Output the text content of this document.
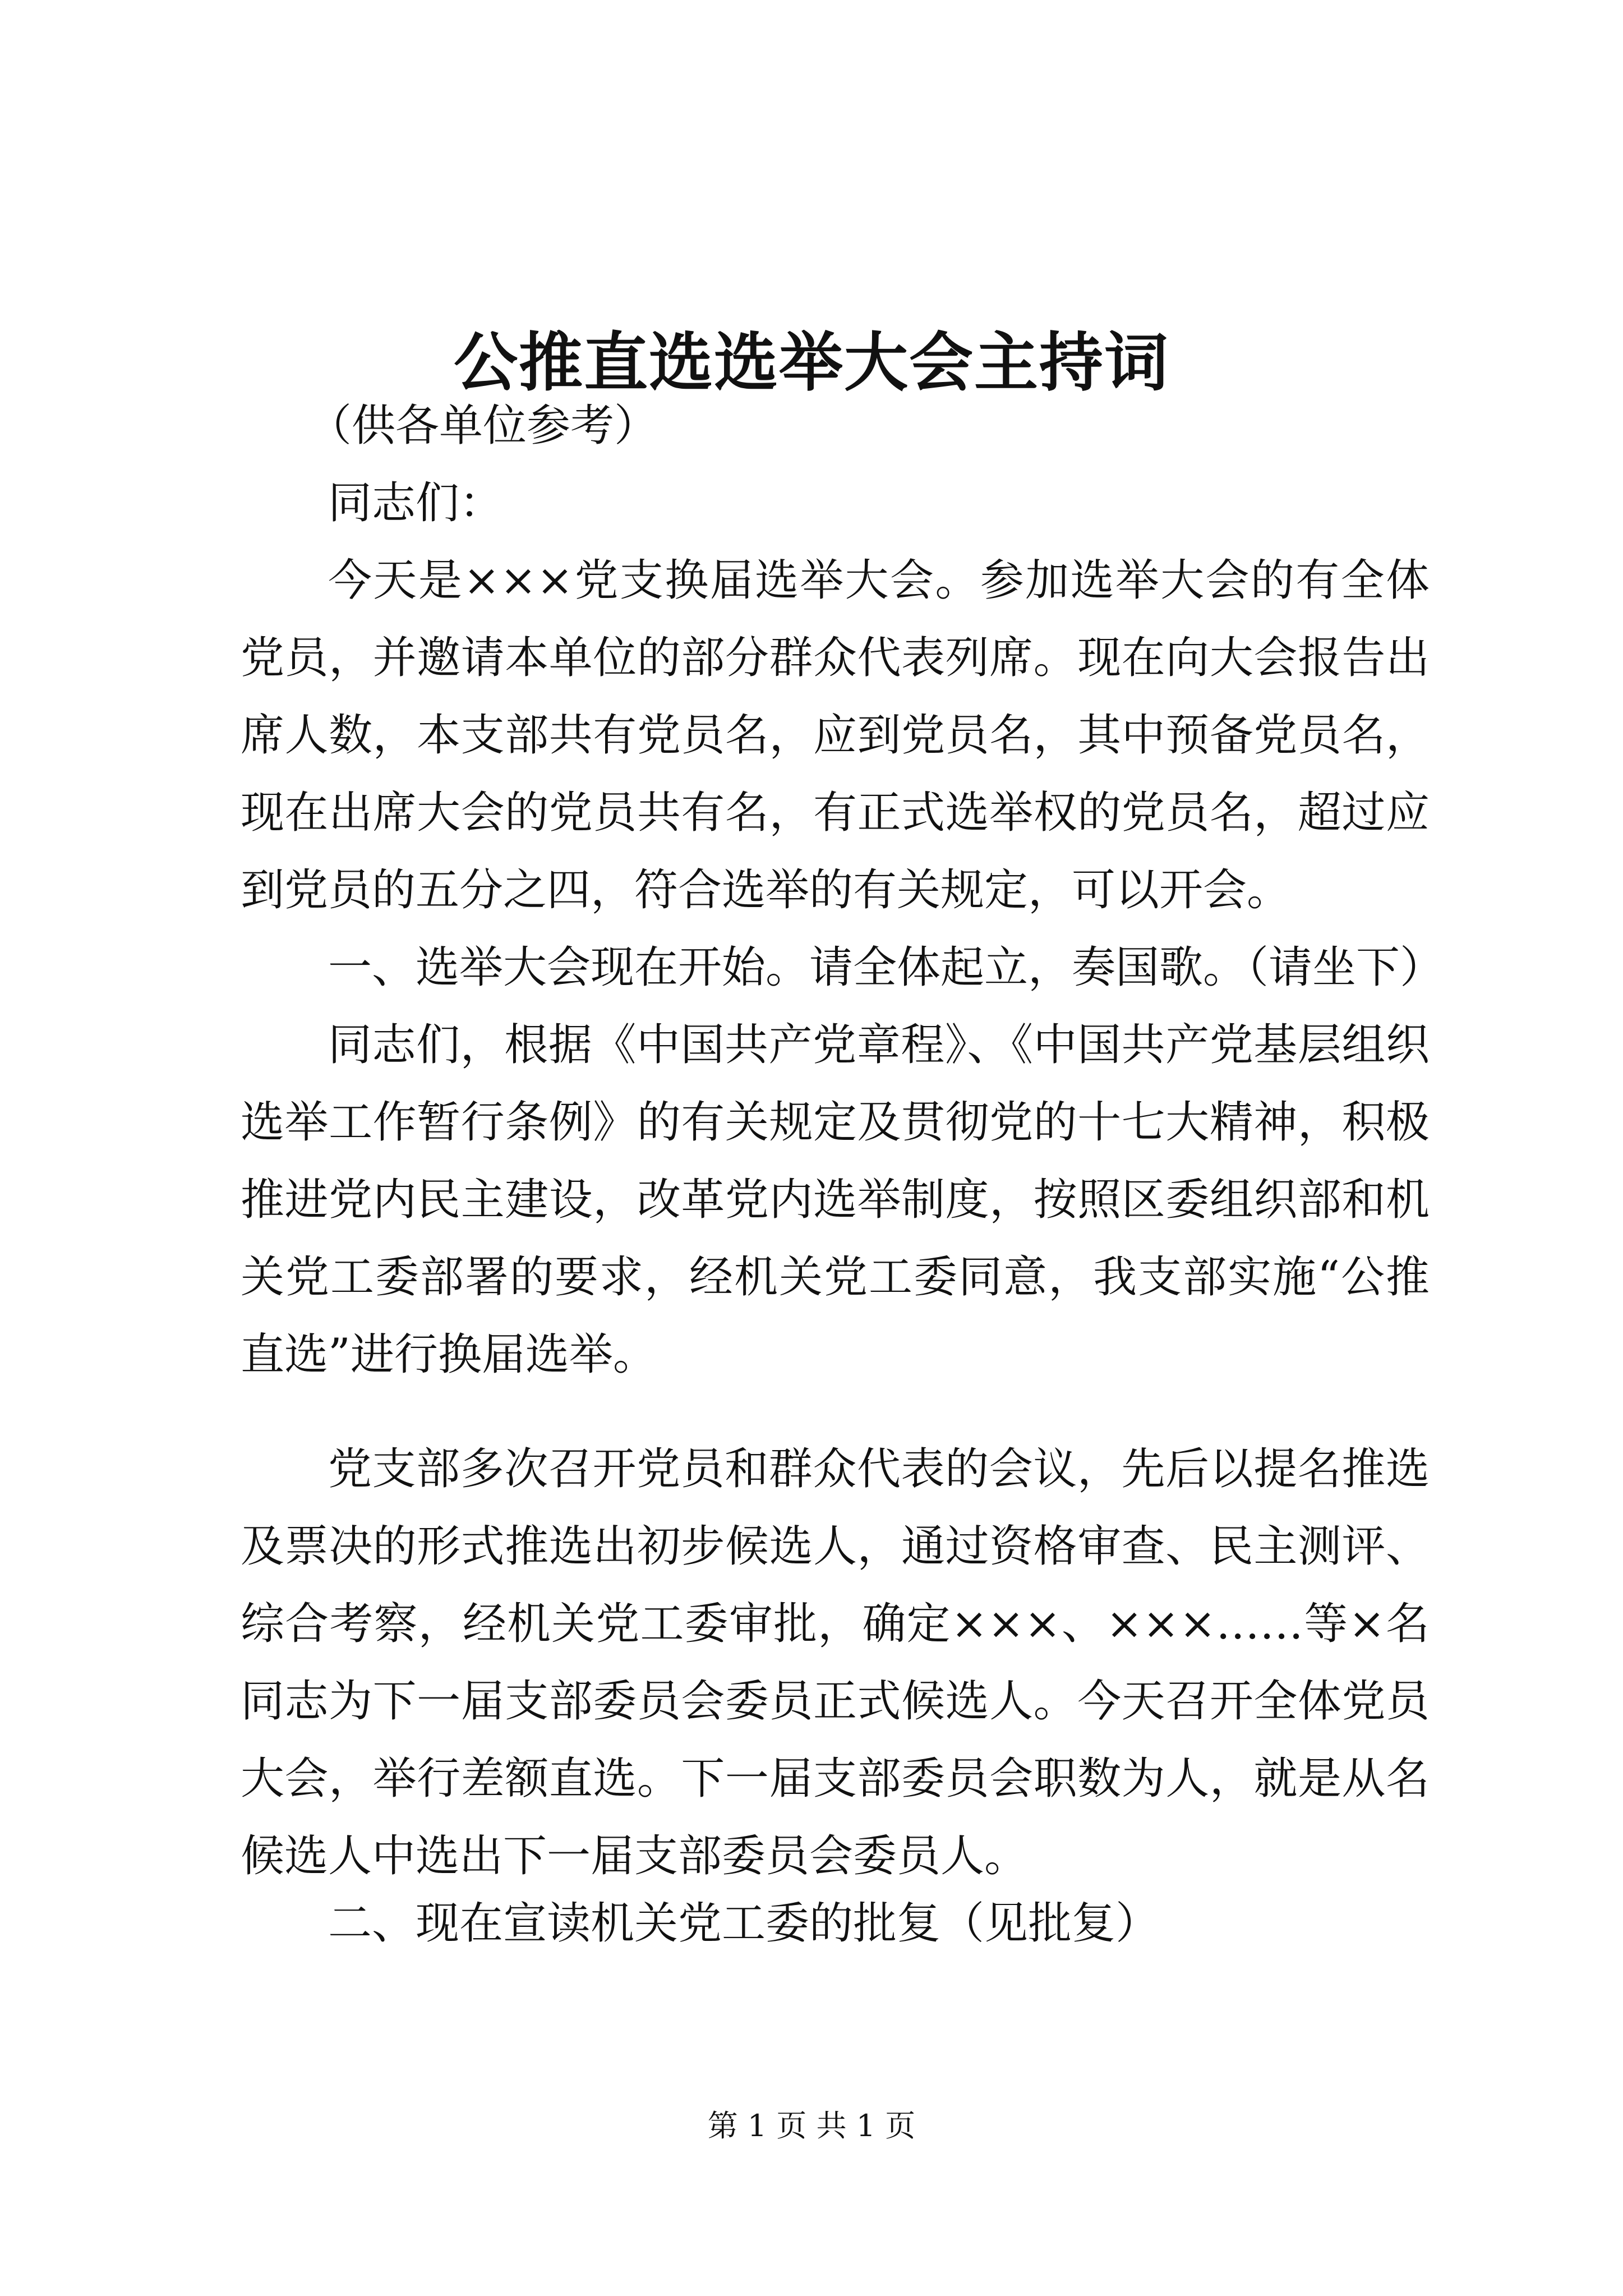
公推直选选举大会主持词

（供各单位参考）

同志们：

今天是×××党支换届选举大会。参加选举大会的有全体党员，并邀请本单位的部分群众代表列席。现在向大会报告出席人数，本支部共有党员名，应到党员名，其中预备党员名，现在出席大会的党员共有名，有正式选举权的党员名，超过应到党员的五分之四，符合选举的有关规定，可以开会。

一、选举大会现在开始。请全体起立，奏国歌。（请坐下）

同志们，根据《中国共产党章程》、《中国共产党基层组织选举工作暂行条例》的有关规定及贯彻党的十七大精神，积极推进党内民主建设，改革党内选举制度，按照区委组织部和机关党工委部署的要求，经机关党工委同意，我支部实施“公推直选”进行换届选举。

党支部多次召开党员和群众代表的会议，先后以提名推选及票决的形式推选出初步候选人，通过资格审查、民主测评、综合考察，经机关党工委审批，确定×××、×××……等×名同志为下一届支部委员会委员正式候选人。今天召开全体党员大会，举行差额直选。下一届支部委员会职数为人，就是从名候选人中选出下一届支部委员会委员人。

二、现在宣读机关党工委的批复（见批复）

第 1 页 共 1 页
